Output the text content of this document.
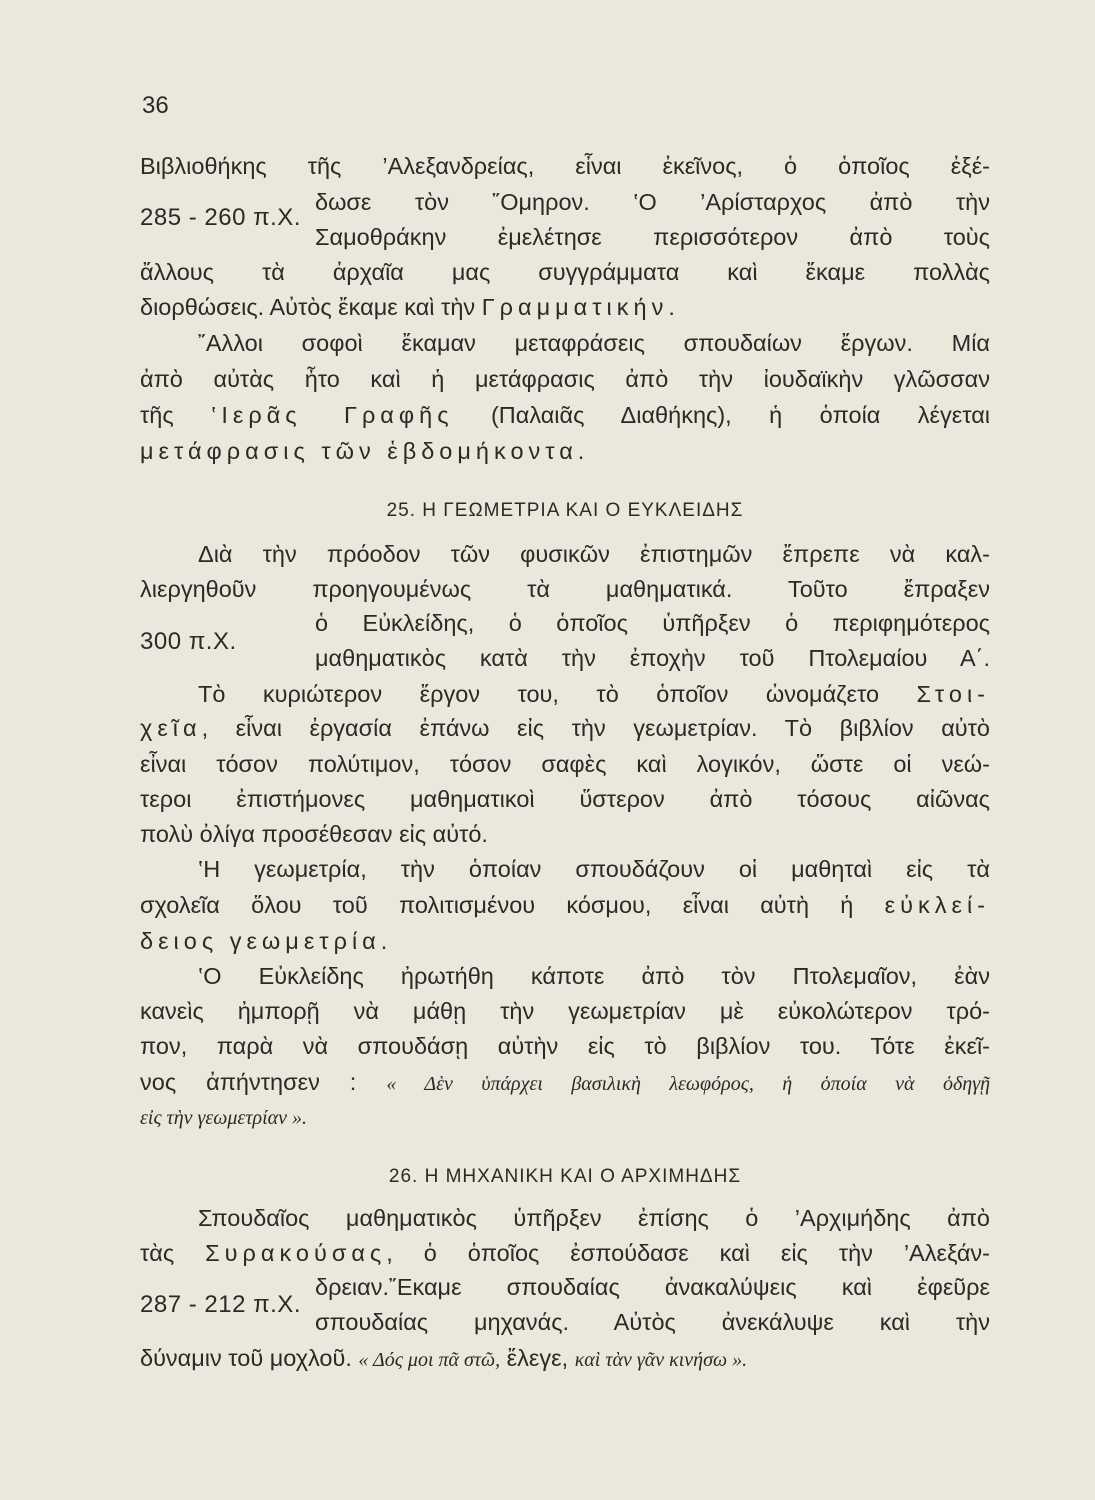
36
Βιβλιοθήκης τῆς ’Αλεξανδρείας, εἶναι ἐκεῖνος, ὁ ὁποῖος ἐξέ-
285 - 260 π.Χ.
δωσε τὸν ῞Ομηρον. ‛Ο ’Αρίσταρχος ἀπὸ τὴν
Σαμοθράκην ἐμελέτησε περισσότερον ἀπὸ τοὺς
ἄλλους τὰ ἀρχαῖα μας συγγράμματα καὶ ἔκαμε πολλὰς
διορθώσεις. Αὐτὸς ἔκαμε καὶ τὴν Γραμματικήν.
῎Αλλοι σοφοὶ ἔκαμαν μεταφράσεις σπουδαίων ἔργων. Μία
ἀπὸ αὐτὰς ἦτο καὶ ἡ μετάφρασις ἀπὸ τὴν ἰουδαϊκὴν γλῶσσαν
τῆς ‛Ιερᾶς Γραφῆς (Παλαιᾶς Διαθήκης), ἡ ὁποία λέγεται
μετάφρασις τῶν ἑβδομήκοντα.
25. Η ΓΕΩΜΕΤΡΙΑ ΚΑΙ Ο ΕΥΚΛΕΙΔΗΣ
Διὰ τὴν πρόοδον τῶν φυσικῶν ἐπιστημῶν ἔπρεπε νὰ καλ-
λιεργηθοῦν προηγουμένως τὰ μαθηματικά. Τοῦτο ἔπραξεν
300 π.Χ.
ὁ Εὐκλείδης, ὁ ὁποῖος ὑπῆρξεν ὁ περιφημότερος
μαθηματικὸς κατὰ τὴν ἐποχὴν τοῦ Πτολεμαίου Α΄.
Τὸ κυριώτερον ἔργον του, τὸ ὁποῖον ὠνομάζετο Στοι-
χεῖα, εἶναι ἐργασία ἐπάνω εἰς τὴν γεωμετρίαν. Τὸ βιβλίον αὐτὸ
εἶναι τόσον πολύτιμον, τόσον σαφὲς καὶ λογικόν, ὥστε οἱ νεώ-
τεροι ἐπιστήμονες μαθηματικοὶ ὕστερον ἀπὸ τόσους αἰῶνας
πολὺ ὀλίγα προσέθεσαν εἰς αὐτό.
‛Η γεωμετρία, τὴν ὁποίαν σπουδάζουν οἱ μαθηταὶ εἰς τὰ
σχολεῖα ὅλου τοῦ πολιτισμένου κόσμου, εἶναι αὐτὴ ἡ εὐκλεί-
δειος γεωμετρία.
‛Ο Εὐκλείδης ἠρωτήθη κάποτε ἀπὸ τὸν Πτολεμαῖον, ἐὰν
κανεὶς ἠμπορῇ νὰ μάθῃ τὴν γεωμετρίαν μὲ εὐκολώτερον τρό-
πον, παρὰ νὰ σπουδάσῃ αὐτὴν εἰς τὸ βιβλίον του. Τότε ἐκεῖ-
νος ἀπήντησεν : « Δὲν ὑπάρχει βασιλικὴ λεωφόρος, ἡ ὁποία νὰ ὁδηγῇ
εἰς τὴν γεωμετρίαν ».
26. Η ΜΗΧΑΝΙΚΗ ΚΑΙ Ο ΑΡΧΙΜΗΔΗΣ
Σπουδαῖος μαθηματικὸς ὑπῆρξεν ἐπίσης ὁ ’Αρχιμήδης ἀπὸ
τὰς Συρακούσας, ὁ ὁποῖος ἐσπούδασε καὶ εἰς τὴν ’Αλεξάν-
287 - 212 π.Χ.
δρειαν.῎Εκαμε σπουδαίας ἀνακαλύψεις καὶ ἐφεῦρε
σπουδαίας μηχανάς. Αὐτὸς ἀνεκάλυψε καὶ τὴν
δύναμιν τοῦ μοχλοῦ. « Δός μοι πᾶ στῶ, ἔλεγε, καὶ τὰν γᾶν κινήσω ».
